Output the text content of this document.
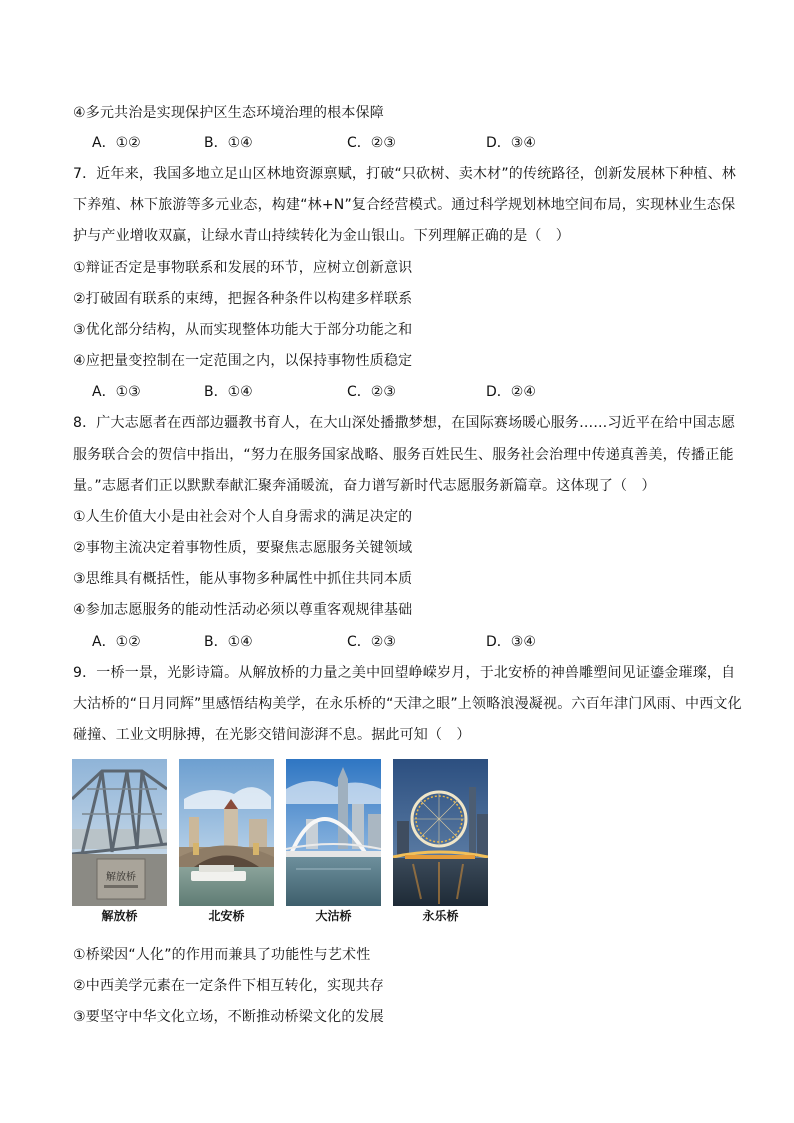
④多元共治是实现保护区生态环境治理的根本保障
A．①②	B．①④	C．②③	D．③④
7．近年来，我国多地立足山区林地资源禀赋，打破“只砍树、卖木材”的传统路径，创新发展林下种植、林
下养殖、林下旅游等多元业态，构建“林+N”复合经营模式。通过科学规划林地空间布局，实现林业生态保
护与产业增收双赢，让绿水青山持续转化为金山银山。下列理解正确的是（　）
①辩证否定是事物联系和发展的环节，应树立创新意识
②打破固有联系的束缚，把握各种条件以构建多样联系
③优化部分结构，从而实现整体功能大于部分功能之和
④应把量变控制在一定范围之内，以保持事物性质稳定
A．①③	B．①④	C．②③	D．②④
8．广大志愿者在西部边疆教书育人，在大山深处播撒梦想，在国际赛场暖心服务……习近平在给中国志愿
服务联合会的贺信中指出，“努力在服务国家战略、服务百姓民生、服务社会治理中传递真善美，传播正能
量。”志愿者们正以默默奉献汇聚奔涌暖流，奋力谱写新时代志愿服务新篇章。这体现了（　）
①人生价值大小是由社会对个人自身需求的满足决定的
②事物主流决定着事物性质，要聚焦志愿服务关键领域
③思维具有概括性，能从事物多种属性中抓住共同本质
④参加志愿服务的能动性活动必须以尊重客观规律基础
A．①②	B．①④	C．②③	D．③④
9．一桥一景，光影诗篇。从解放桥的力量之美中回望峥嵘岁月，于北安桥的神兽雕塑间见证鎏金璀璨，自
大沽桥的“日月同辉”里感悟结构美学，在永乐桥的“天津之眼”上领略浪漫凝视。六百年津门风雨、中西文化
碰撞、工业文明脉搏，在光影交错间澎湃不息。据此可知（　）
解放桥
解放桥	北安桥	大沽桥	永乐桥
①桥梁因“人化”的作用而兼具了功能性与艺术性
②中西美学元素在一定条件下相互转化，实现共存
③要坚守中华文化立场，不断推动桥梁文化的发展
